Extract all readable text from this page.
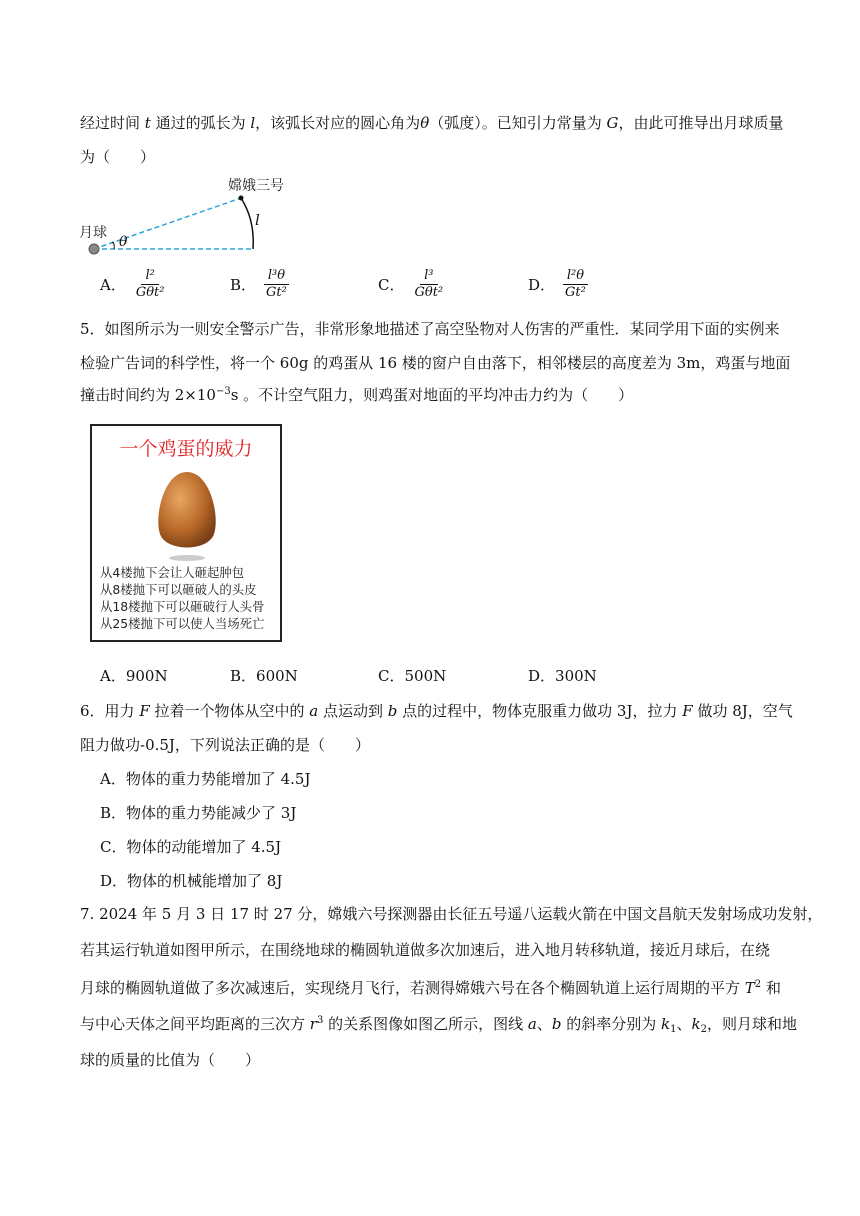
经过时间 t 通过的弧长为 l，该弧长对应的圆心角为θ（弧度）。已知引力常量为 G，由此可推导出月球质量
为（　　）
月球
嫦娥三号
θ
l
A． $\frac{\text{l²}}{\text{Gθt²}}$	B． $\frac{\text{l³θ}}{\text{Gt²}}$	C． $\frac{\text{l³}}{\text{Gθt²}}$	D． $\frac{\text{l²θ}}{\text{Gt²}}$
5．如图所示为一则安全警示广告，非常形象地描述了高空坠物对人伤害的严重性．某同学用下面的实例来
检验广告词的科学性，将一个 60g 的鸡蛋从 16 楼的窗户自由落下，相邻楼层的高度差为 3m，鸡蛋与地面
撞击时间约为 $2\times 10^{-3}s$ 。不计空气阻力，则鸡蛋对地面的平均冲击力约为（　　）
一个鸡蛋的威力
从4楼抛下会让人砸起肿包
从8楼抛下可以砸破人的头皮
从18楼抛下可以砸破行人头骨
从25楼抛下可以使人当场死亡
A．900N	B．600N	C．500N	D．300N
6．用力 F 拉着一个物体从空中的 a 点运动到 b 点的过程中，物体克服重力做功 3J，拉力 F 做功 8J，空气
阻力做功-0.5J，下列说法正确的是（　　）
A．物体的重力势能增加了 4.5J
B．物体的重力势能减少了 3J
C．物体的动能增加了 4.5J
D．物体的机械能增加了 8J
7. 2024 年 5 月 3 日 17 时 27 分，嫦娥六号探测器由长征五号遥八运载火箭在中国文昌航天发射场成功发射，
若其运行轨道如图甲所示，在围绕地球的椭圆轨道做多次加速后，进入地月转移轨道，接近月球后，在绕
月球的椭圆轨道做了多次减速后，实现绕月飞行，若测得嫦娥六号在各个椭圆轨道上运行周期的平方 $T^2$ 和
与中心天体之间平均距离的三次方 $r^3$ 的关系图像如图乙所示，图线 a、b 的斜率分别为 $k_1$、$k_2$，则月球和地
球的质量的比值为（　　）
